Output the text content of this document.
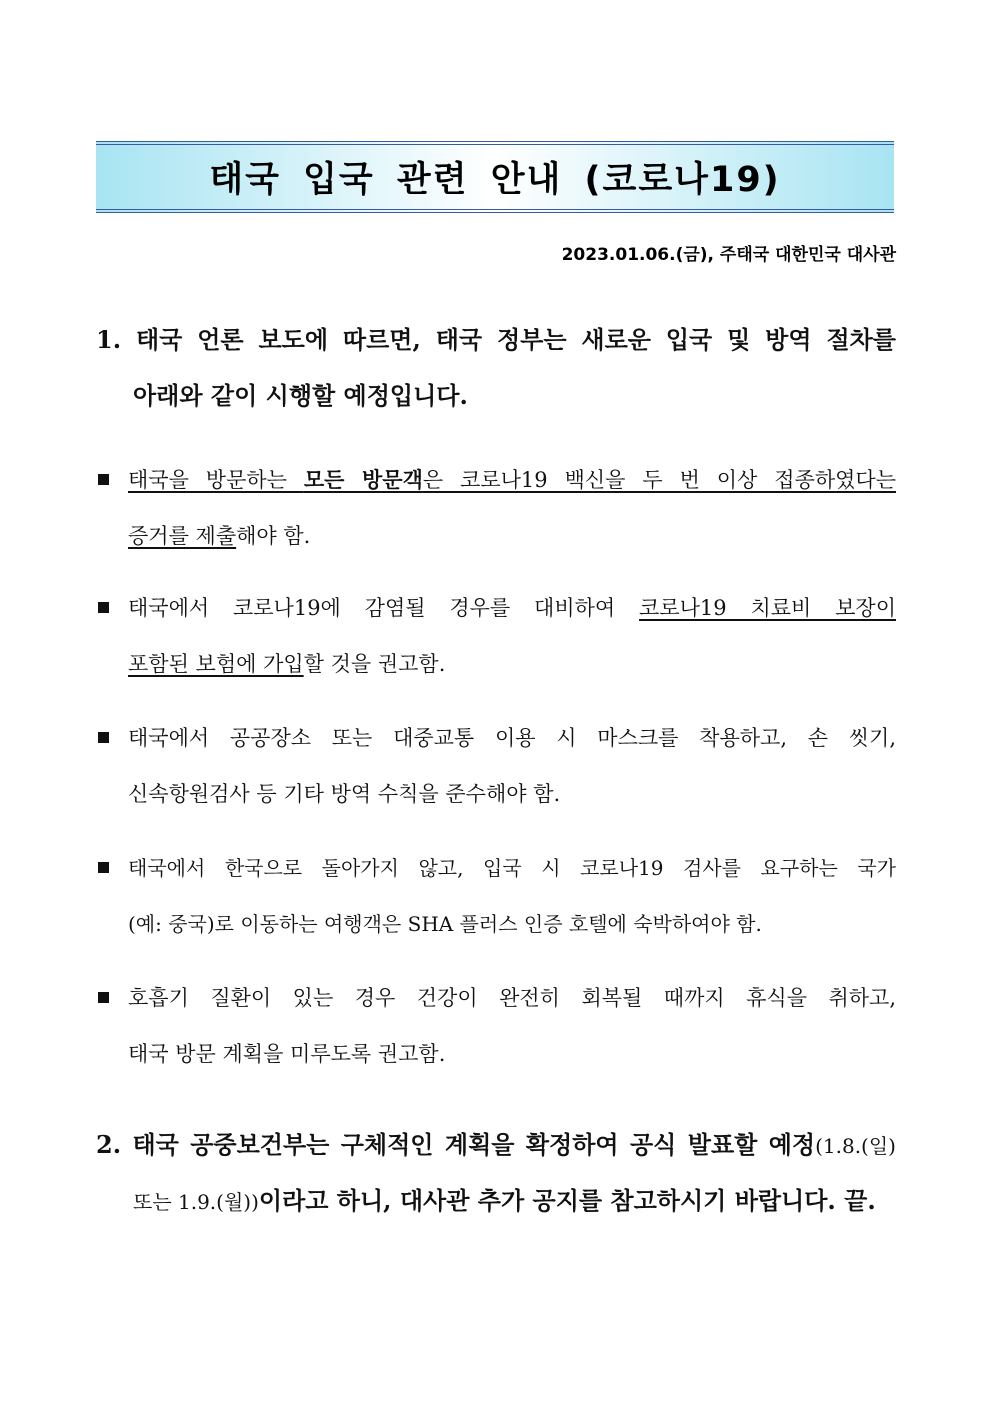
태국 입국 관련 안내 (코로나19)
2023.01.06.(금), 주태국 대한민국 대사관
1. 태국 언론 보도에 따르면, 태국 정부는 새로운 입국 및 방역 절차를
아래와 같이 시행할 예정입니다.
태국을 방문하는 모든 방문객은 코로나19 백신을 두 번 이상 접종하였다는
증거를 제출해야 함.
태국에서 코로나19에 감염될 경우를 대비하여 코로나19 치료비 보장이
포함된 보험에 가입할 것을 권고함.
태국에서 공공장소 또는 대중교통 이용 시 마스크를 착용하고, 손 씻기,
신속항원검사 등 기타 방역 수칙을 준수해야 함.
태국에서 한국으로 돌아가지 않고, 입국 시 코로나19 검사를 요구하는 국가
(예: 중국)로 이동하는 여행객은 SHA 플러스 인증 호텔에 숙박하여야 함.
호흡기 질환이 있는 경우 건강이 완전히 회복될 때까지 휴식을 취하고,
태국 방문 계획을 미루도록 권고함.
2. 태국 공중보건부는 구체적인 계획을 확정하여 공식 발표할 예정(1.8.(일)
또는 1.9.(월))이라고 하니, 대사관 추가 공지를 참고하시기 바랍니다. 끝.
